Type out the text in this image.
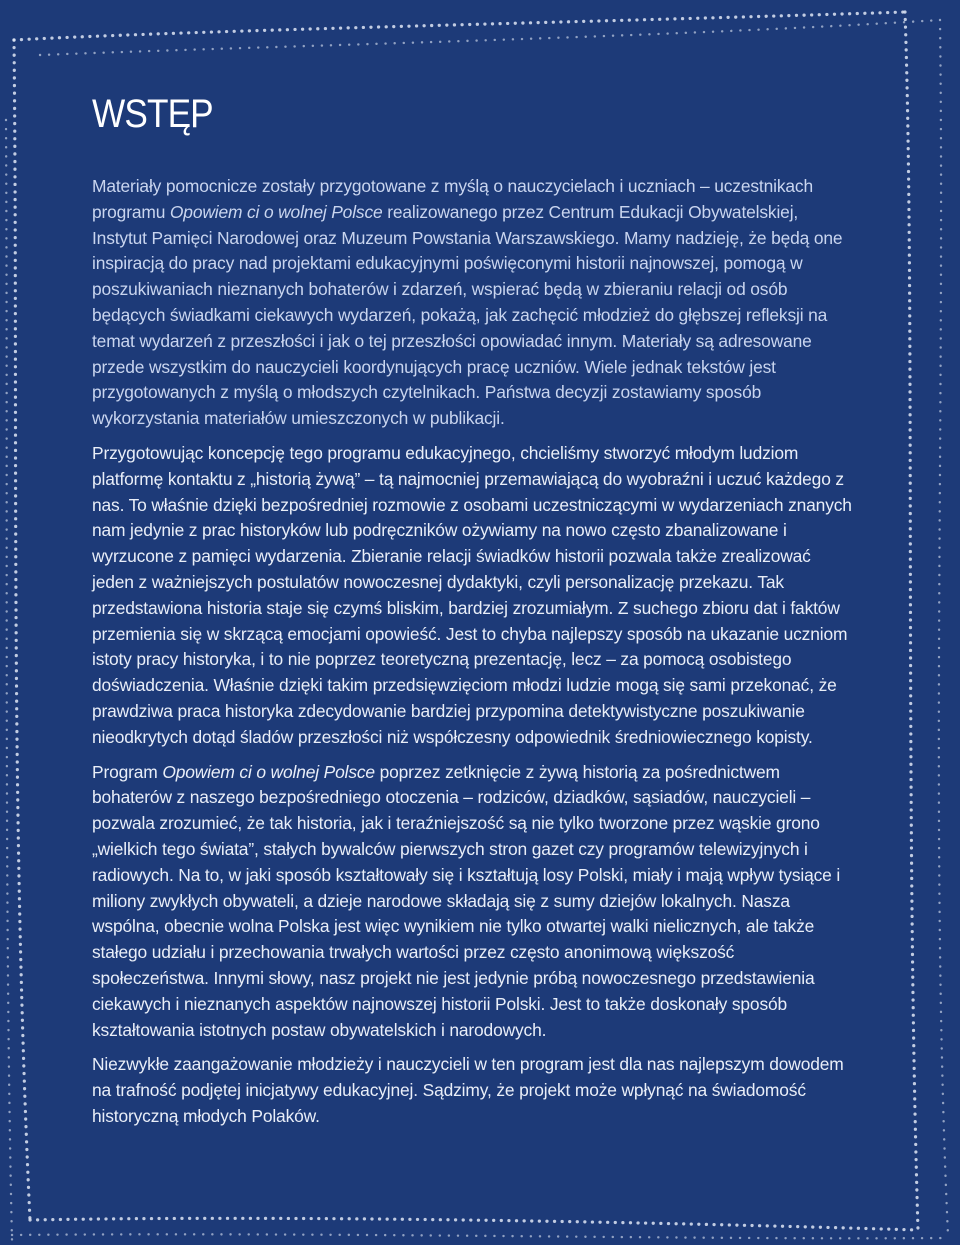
WSTĘP

Materiały pomocnicze zostały przygotowane z myślą o nauczycielach i uczniach – uczestnikach programu Opowiem ci o wolnej Polsce realizowanego przez Centrum Edukacji Obywatelskiej, Instytut Pamięci Narodowej oraz Muzeum Powstania Warszawskiego. Mamy nadzieję, że będą one inspiracją do pracy nad projektami edukacyjnymi poświęconymi historii najnowszej, pomogą w poszukiwaniach nieznanych bohaterów i zdarzeń, wspierać będą w zbieraniu relacji od osób będących świadkami ciekawych wydarzeń, pokażą, jak zachęcić młodzież do głębszej refleksji na temat wydarzeń z przeszłości i jak o tej przeszłości opowiadać innym. Materiały są adresowane przede wszystkim do nauczycieli koordynujących pracę uczniów. Wiele jednak tekstów jest przygotowanych z myślą o młodszych czytelnikach. Państwa decyzji zostawiamy sposób wykorzystania materiałów umieszczonych w publikacji.

Przygotowując koncepcję tego programu edukacyjnego, chcieliśmy stworzyć młodym ludziom platformę kontaktu z „historią żywą” – tą najmocniej przemawiającą do wyobraźni i uczuć każdego z nas. To właśnie dzięki bezpośredniej rozmowie z osobami uczestniczącymi w wydarzeniach znanych nam jedynie z prac historyków lub podręczników ożywiamy na nowo często zbanalizowane i wyrzucone z pamięci wydarzenia. Zbieranie relacji świadków historii pozwala także zrealizować jeden z ważniejszych postulatów nowoczesnej dydaktyki, czyli personalizację przekazu. Tak przedstawiona historia staje się czymś bliskim, bardziej zrozumiałym. Z suchego zbioru dat i faktów przemienia się w skrzącą emocjami opowieść. Jest to chyba najlepszy sposób na ukazanie uczniom istoty pracy historyka, i to nie poprzez teoretyczną prezentację, lecz – za pomocą osobistego doświadczenia. Właśnie dzięki takim przedsięwzięciom młodzi ludzie mogą się sami przekonać, że prawdziwa praca historyka zdecydowanie bardziej przypomina detektywistyczne poszukiwanie nieodkrytych dotąd śladów przeszłości niż współczesny odpowiednik średniowiecznego kopisty.

Program Opowiem ci o wolnej Polsce poprzez zetknięcie z żywą historią za pośrednictwem bohaterów z naszego bezpośredniego otoczenia – rodziców, dziadków, sąsiadów, nauczycieli – pozwala zrozumieć, że tak historia, jak i teraźniejszość są nie tylko tworzone przez wąskie grono „wielkich tego świata”, stałych bywalców pierwszych stron gazet czy programów telewizyjnych i radiowych. Na to, w jaki sposób kształtowały się i kształtują losy Polski, miały i mają wpływ tysiące i miliony zwykłych obywateli, a dzieje narodowe składają się z sumy dziejów lokalnych. Nasza wspólna, obecnie wolna Polska jest więc wynikiem nie tylko otwartej walki nielicznych, ale także stałego udziału i przechowania trwałych wartości przez często anonimową większość społeczeństwa. Innymi słowy, nasz projekt nie jest jedynie próbą nowoczesnego przedstawienia ciekawych i nieznanych aspektów najnowszej historii Polski. Jest to także doskonały sposób kształtowania istotnych postaw obywatelskich i narodowych.

Niezwykłe zaangażowanie młodzieży i nauczycieli w ten program jest dla nas najlepszym dowodem na trafność podjętej inicjatywy edukacyjnej. Sądzimy, że projekt może wpłynąć na świadomość historyczną młodych Polaków.
